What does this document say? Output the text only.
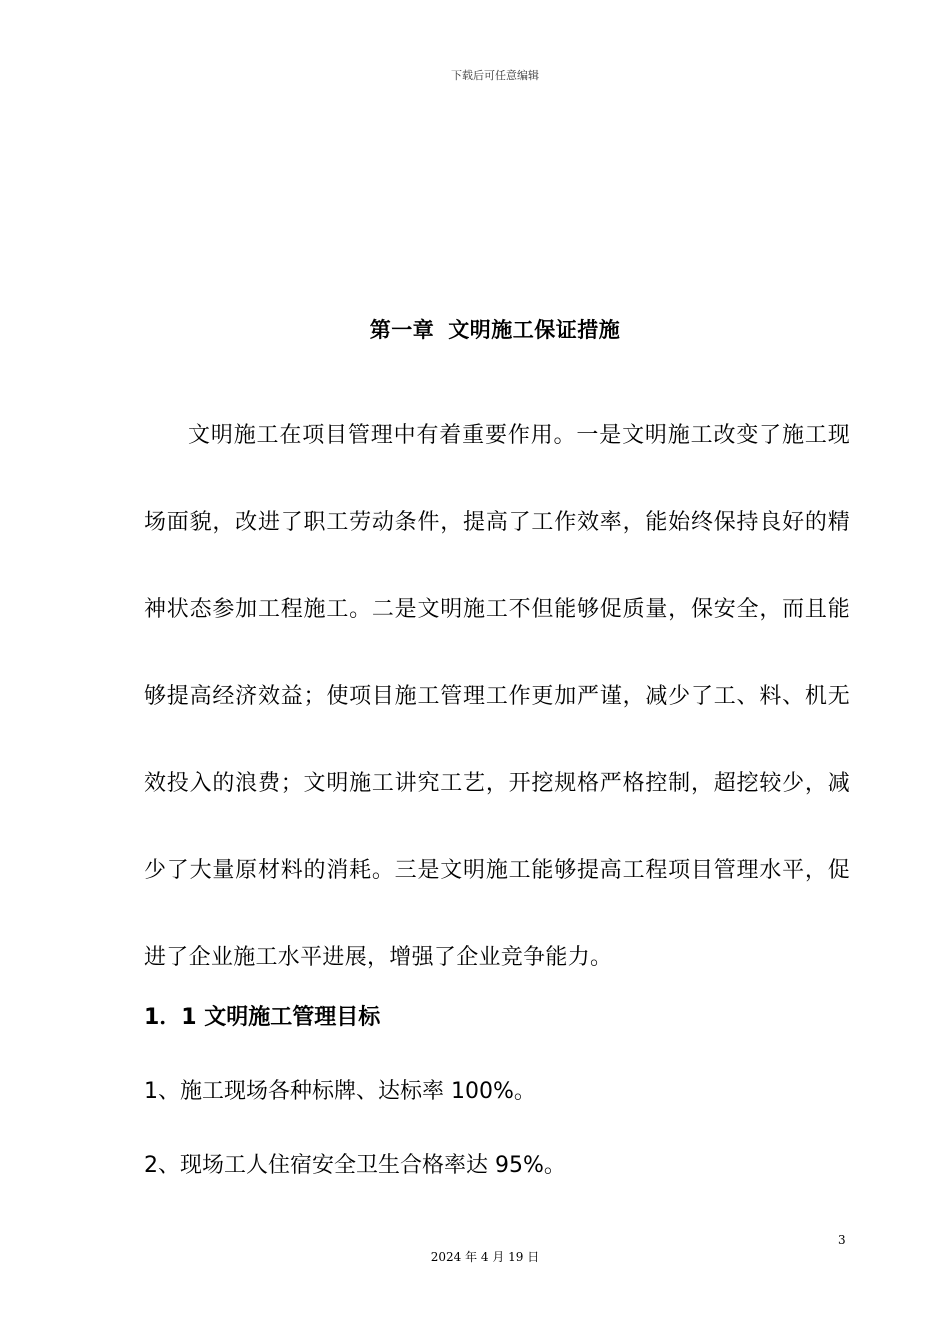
下载后可任意编辑
第一章 文明施工保证措施

文明施工在项目管理中有着重要作用。一是文明施工改变了施工现场面貌，改进了职工劳动条件，提高了工作效率，能始终保持良好的精神状态参加工程施工。二是文明施工不但能够促质量，保安全，而且能够提高经济效益；使项目施工管理工作更加严谨，减少了工、料、机无效投入的浪费；文明施工讲究工艺，开挖规格严格控制，超挖较少，减少了大量原材料的消耗。三是文明施工能够提高工程项目管理水平，促进了企业施工水平进展，增强了企业竞争能力。

1．1 文明施工管理目标
1、施工现场各种标牌、达标率 100%。
2、现场工人住宿安全卫生合格率达 95%。
3
2024 年 4 月 19 日
